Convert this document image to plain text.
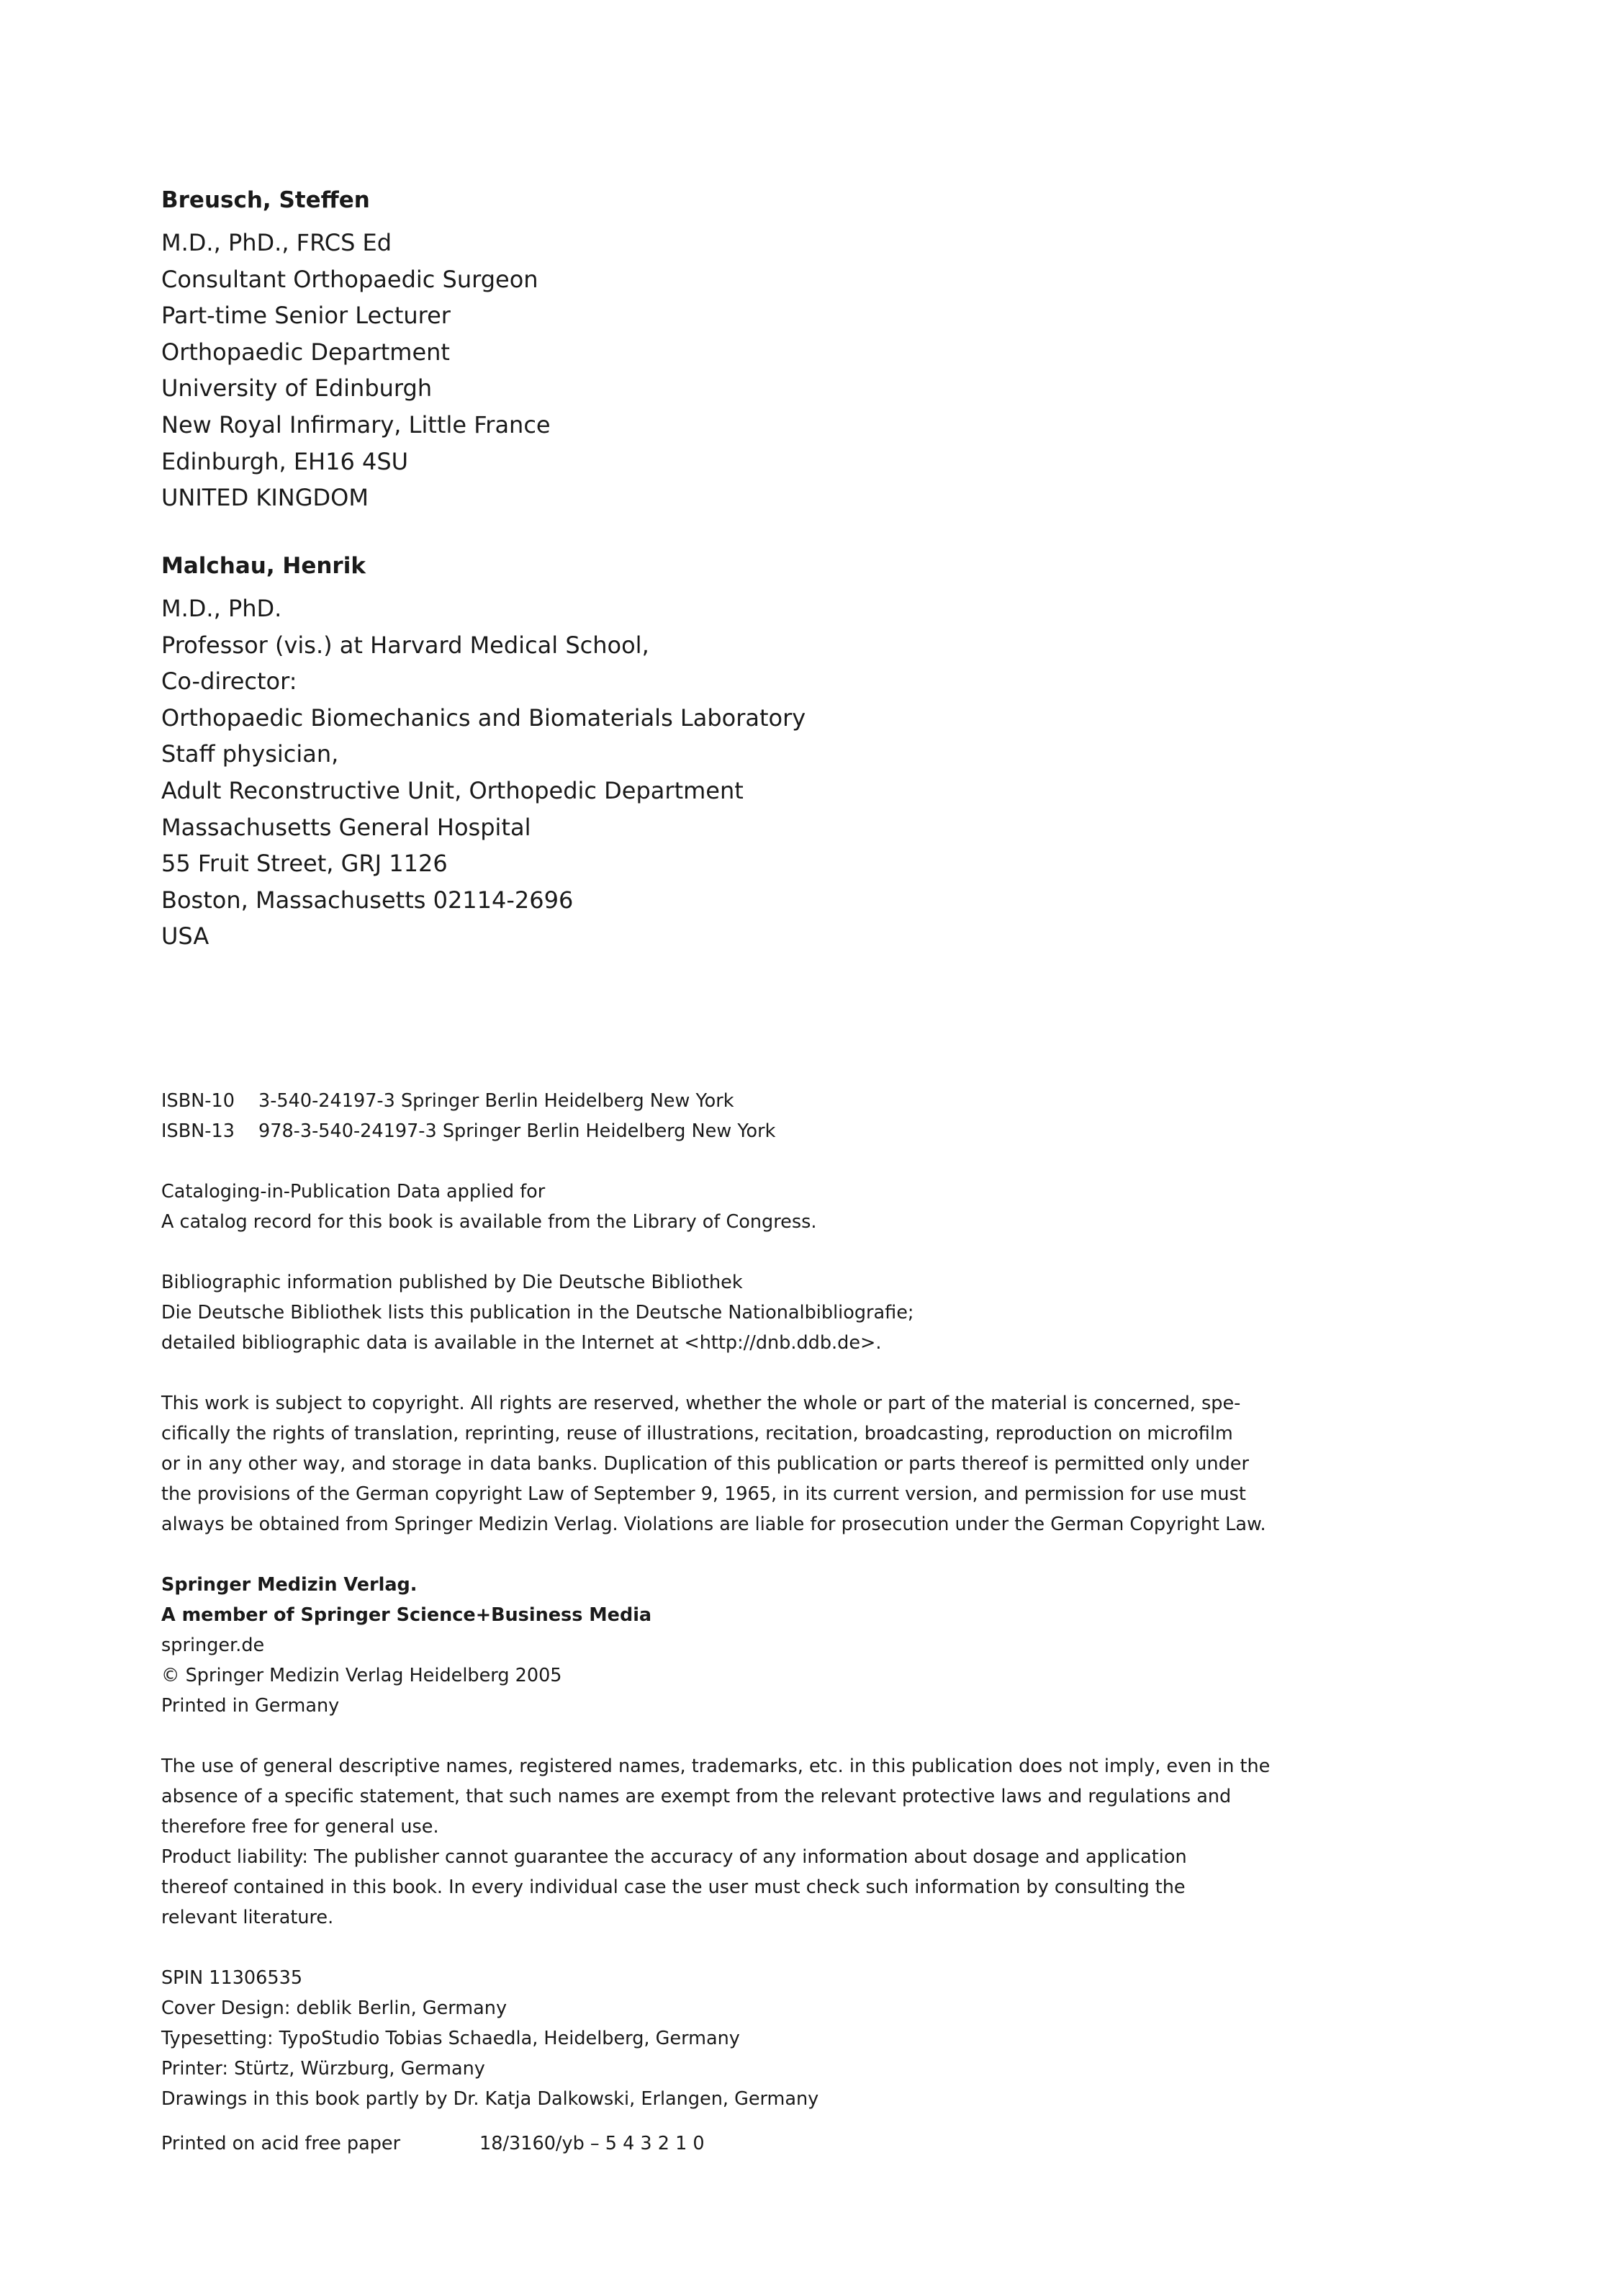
Breusch, Steffen
M.D., PhD., FRCS Ed
Consultant Orthopaedic Surgeon
Part-time Senior Lecturer
Orthopaedic Department
University of Edinburgh
New Royal Infirmary, Little France
Edinburgh, EH16 4SU
UNITED KINGDOM
Malchau, Henrik
M.D., PhD.
Professor (vis.) at Harvard Medical School,
Co-director:
Orthopaedic Biomechanics and Biomaterials Laboratory
Staff physician,
Adult Reconstructive Unit, Orthopedic Department
Massachusetts General Hospital
55 Fruit Street, GRJ 1126
Boston, Massachusetts 02114-2696
USA
ISBN-10	3-540-24197-3 Springer Berlin Heidelberg New York
ISBN-13	978-3-540-24197-3 Springer Berlin Heidelberg New York
Cataloging-in-Publication Data applied for
A catalog record for this book is available from the Library of Congress.
Bibliographic information published by Die Deutsche Bibliothek
Die Deutsche Bibliothek lists this publication in the Deutsche Nationalbibliografie;
detailed bibliographic data is available in the Internet at <http://dnb.ddb.de>.
This work is subject to copyright. All rights are reserved, whether the whole or part of the material is concerned, spe-
cifically the rights of translation, reprinting, reuse of illustrations, recitation, broadcasting, reproduction on microfilm
or in any other way, and storage in data banks. Duplication of this publication or parts thereof is permitted only under
the provisions of the German copyright Law of September 9, 1965, in its current version, and permission for use must
always be obtained from Springer Medizin Verlag. Violations are liable for prosecution under the German Copyright Law.
Springer Medizin Verlag.
A member of Springer Science+Business Media
springer.de
© Springer Medizin Verlag Heidelberg 2005
Printed in Germany
The use of general descriptive names, registered names, trademarks, etc. in this publication does not imply, even in the
absence of a specific statement, that such names are exempt from the relevant protective laws and regulations and
therefore free for general use.
Product liability: The publisher cannot guarantee the accuracy of any information about dosage and application
thereof contained in this book. In every individual case the user must check such information by consulting the
relevant literature.
SPIN 11306535
Cover Design: deblik Berlin, Germany
Typesetting: TypoStudio Tobias Schaedla, Heidelberg, Germany
Printer: Stürtz, Würzburg, Germany
Drawings in this book partly by Dr. Katja Dalkowski, Erlangen, Germany
Printed on acid free paper	18/3160/yb – 5 4 3 2 1 0
